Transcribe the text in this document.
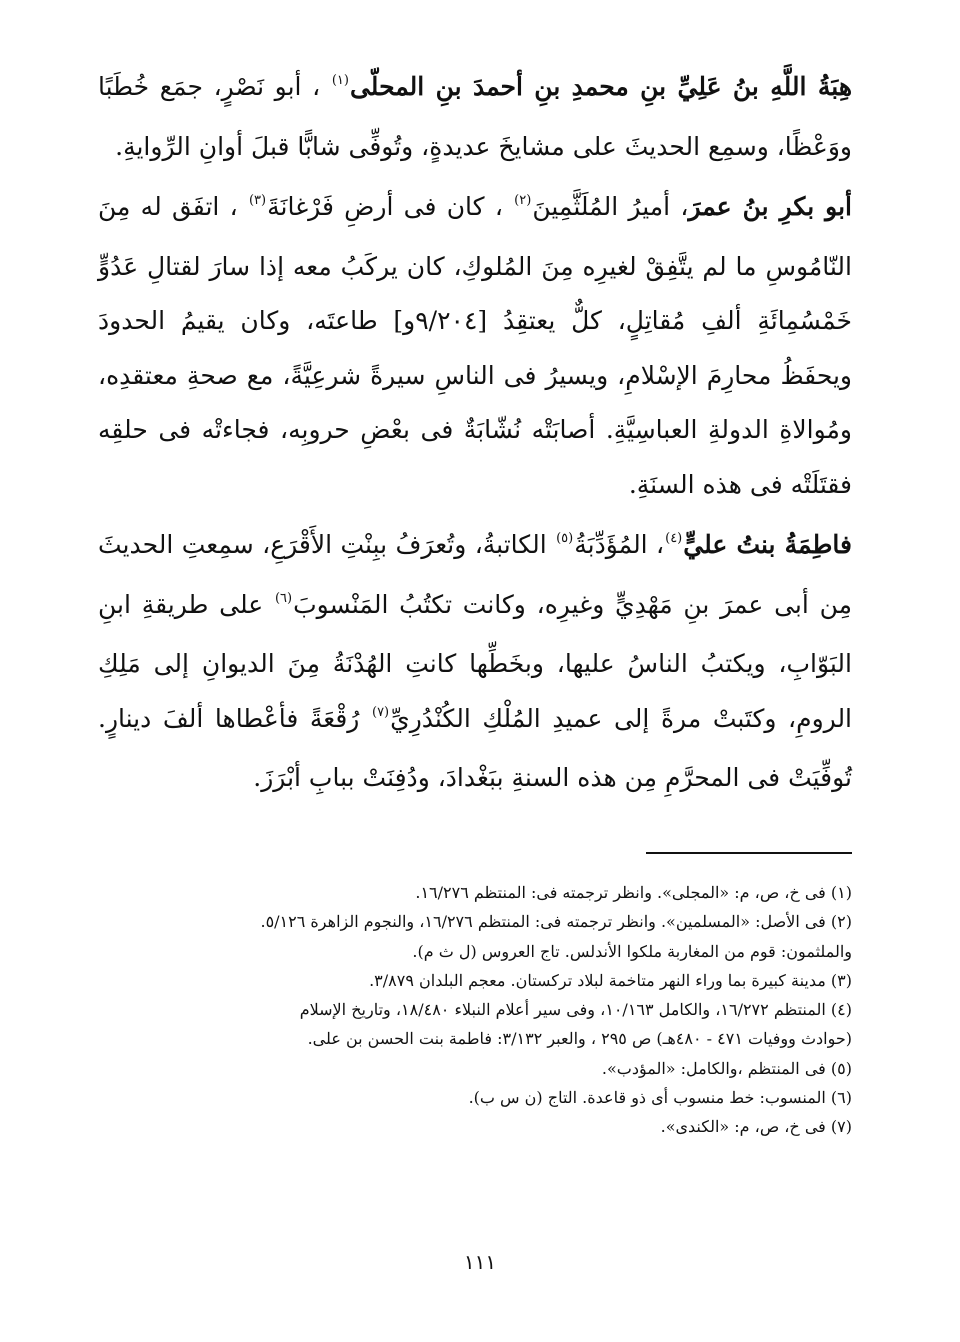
هِبَةُ اللَّهِ بنُ عَلِيِّ بنِ محمدِ بنِ أحمدَ بنِ المحلّى$^{(١)}$ ، أبو نَصْرٍ، جمَع خُطَبًا ووَعْظًا، وسمِع الحديثَ على مشايخَ عديدةٍ، وتُوفِّى شابًّا قبلَ أوانِ الرِّوايةِ.

أبو بكرِ بنُ عمرَ، أميرُ المُلَثَّمِينَ$^{(٢)}$ ، كان فى أرضِ فَرْغانَةَ$^{(٣)}$ ، اتفَق له مِنَ النّامُوسِ ما لم يتَّفِقْ لغيرِه مِنَ المُلوكِ، كان يركَبُ معه إذا سارَ لقتالِ عَدُوٍّ خَمْسُمِائَةِ ألفِ مُقاتِلٍ، كلٌّ يعتقِدُ [٩/٢٠٤و] طاعتَه، وكان يقيمُ الحدودَ ويحفَظُ محارِمَ الإسْلامِ، ويسيرُ فى الناسِ سيرةً شرعِيَّةً، مع صحةِ معتقدِه، ومُوالاةِ الدولةِ العباسِيَّةِ. أصابَتْه نُشّابَةٌ فى بعْضِ حروبِه، فجاءتْه فى حلقِه فقتَلَتْه فى هذه السنَةِ.

فاطِمَةُ بنتُ عليٍّ$^{(٤)}$، المُؤَدِّبَةُ$^{(٥)}$ الكاتبةُ، وتُعرَفُ ببِنْتِ الأَقْرَعِ، سمِعتِ الحديثَ مِن أبى عمرَ بنِ مَهْدِيٍّ وغيرِه، وكانت تكتُبُ المَنْسوبَ$^{(٦)}$ على طريقةِ ابنِ البَوّابِ، ويكتبُ الناسُ عليها، وبخَطِّها كانتِ الهُدْنَةُ مِنَ الديوانِ إلى مَلِكِ الرومِ، وكتَبتْ مرةً إلى عميدِ المُلْكِ الكُنْدُرِيِّ$^{(٧)}$ رُقْعَةً فأعْطاها ألفَ دينارٍ. تُوفِّيَتْ فى المحرَّمِ مِن هذه السنةِ ببَغْدادَ، ودُفِنَتْ ببابِ أبْرَزَ.

(١) فى خ، ص، م: «المجلى». وانظر ترجمته فى: المنتظم ١٦/٢٧٦.

(٢) فى الأصل: «المسلمين». وانظر ترجمته فى: المنتظم ١٦/٢٧٦، والنجوم الزاهرة ٥/١٢٦.

والملثمون: قوم من المغاربة ملكوا الأندلس. تاج العروس (ل ث م).

(٣) مدينة كبيرة بما وراء النهر متاخمة لبلاد تركستان. معجم البلدان ٣/٨٧٩.

(٤) المنتظم ١٦/٢٧٢، والكامل ١٠/١٦٣، وفى سير أعلام النبلاء ١٨/٤٨٠، وتاريخ الإسلام

(حوادث ووفيات ٤٧١ - ٤٨٠هـ) ص ٢٩٥ ، والعبر ٣/١٣٢: فاطمة بنت الحسن بن على.

(٥) فى المنتظم ،والكامل: «المؤدب».

(٦) المنسوب: خط منسوب أى ذو قاعدة. التاج (ن س ب).

(٧) فى خ، ص، م: «الكندى».

١١١
